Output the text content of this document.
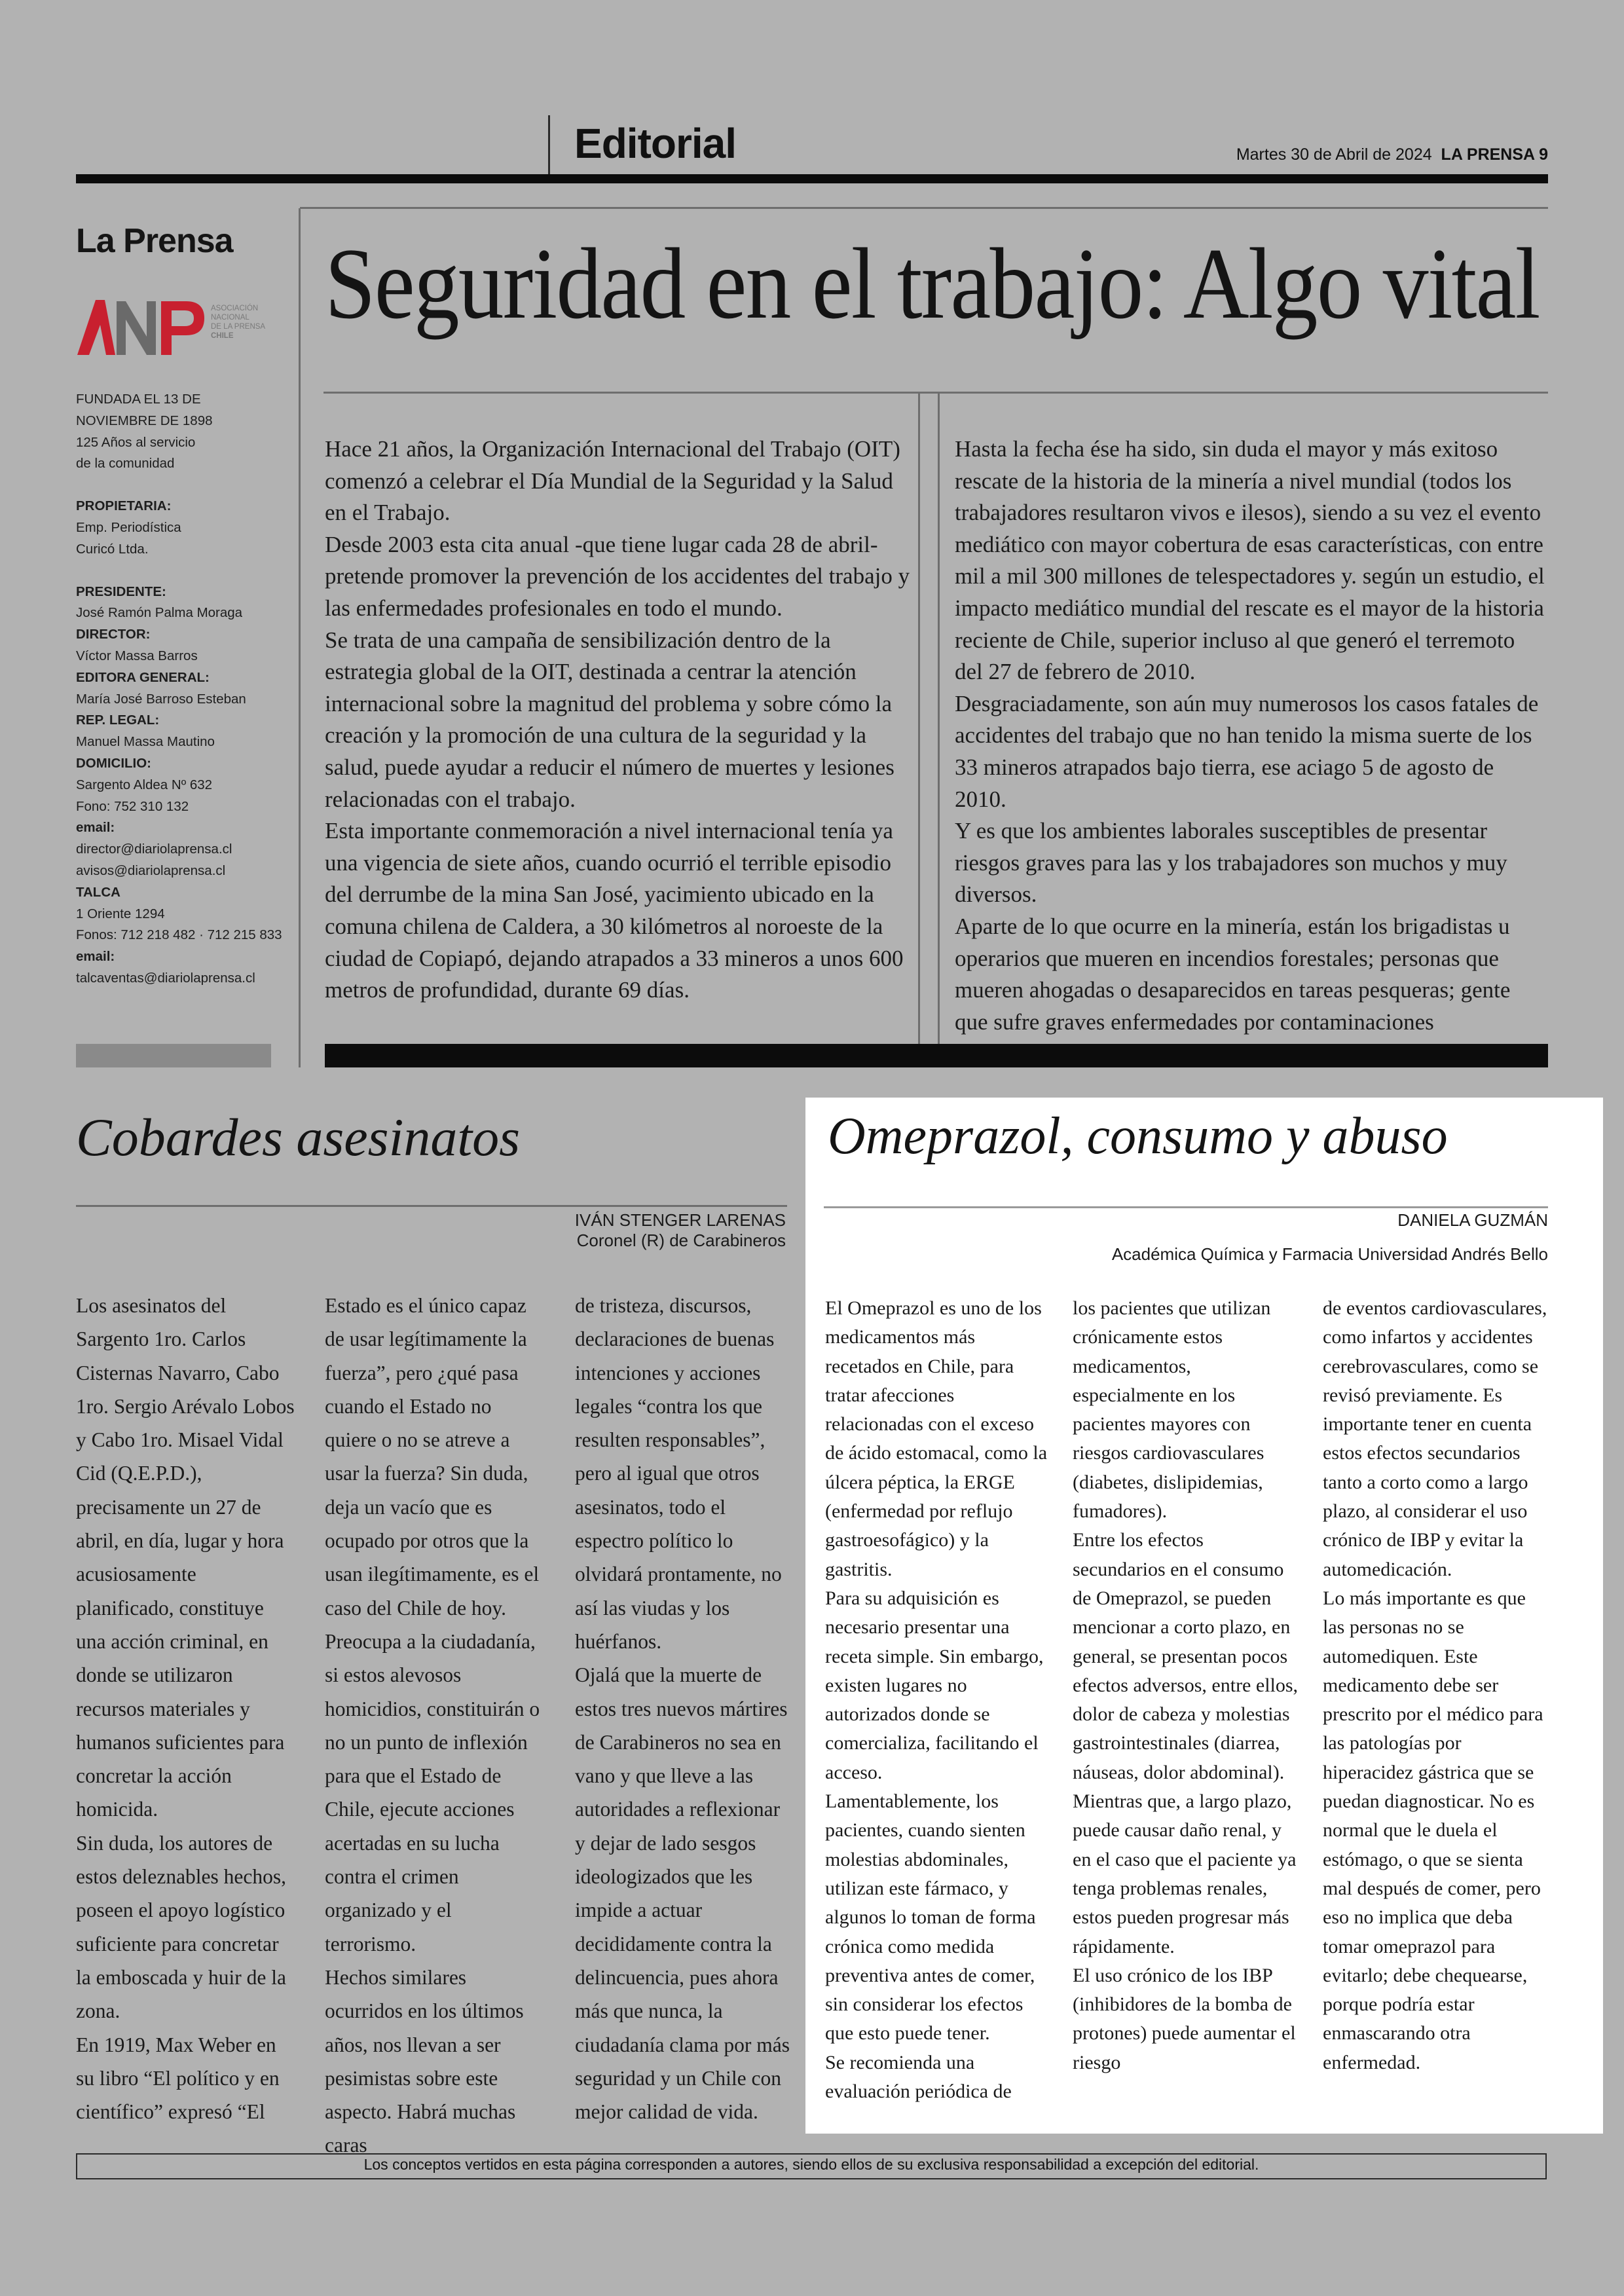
Editorial	Martes 30 de Abril de 2024 LA PRENSA 9
La Prensa
ASOCIACIÓN
NACIONAL
DE LA PRENSA
CHILE
FUNDADA EL 13 DE
NOVIEMBRE DE 1898
125 Años al servicio
de la comunidad
PROPIETARIA:
Emp. Periodística
Curicó Ltda.
PRESIDENTE:
José Ramón Palma Moraga
DIRECTOR:
Víctor Massa Barros
EDITORA GENERAL:
María José Barroso Esteban
REP. LEGAL:
Manuel Massa Mautino
DOMICILIO:
Sargento Aldea Nº 632
Fono: 752 310 132
email:
director@diariolaprensa.cl
avisos@diariolaprensa.cl
TALCA
1 Oriente 1294
Fonos: 712 218 482 · 712 215 833
email:
talcaventas@diariolaprensa.cl
Seguridad en el trabajo: Algo vital

Hace 21 años, la Organización Internacional del Trabajo (OIT) comenzó a celebrar el Día Mundial de la Seguridad y la Salud en el Trabajo.

Desde 2003 esta cita anual -que tiene lugar cada 28 de abril- pretende promover la prevención de los accidentes del trabajo y las enfermedades profesionales en todo el mundo.

Se trata de una campaña de sensibilización dentro de la estrategia global de la OIT, destinada a centrar la atención internacional sobre la magnitud del problema y sobre cómo la creación y la promoción de una cultura de la seguridad y la salud, puede ayudar a reducir el número de muertes y lesiones relacionadas con el trabajo.

Esta importante conmemoración a nivel internacional tenía ya una vigencia de siete años, cuando ocurrió el terrible episodio del derrumbe de la mina San José, yacimiento ubicado en la comuna chilena de Caldera, a 30 kilómetros al noroeste de la ciudad de Copiapó, dejando atrapados a 33 mineros a unos 600 metros de profundidad, durante 69 días.

Hasta la fecha ése ha sido, sin duda el mayor y más exitoso rescate de la historia de la minería a nivel mundial (todos los trabajadores resultaron vivos e ilesos), siendo a su vez el evento mediático con mayor cobertura de esas características, con entre mil a mil 300 millones de telespectadores y. según un estudio, el impacto mediático mundial del rescate es el mayor de la historia reciente de Chile, superior incluso al que generó el terremoto del 27 de febrero de 2010.

Desgraciadamente, son aún muy numerosos los casos fatales de accidentes del trabajo que no han tenido la misma suerte de los 33 mineros atrapados bajo tierra, ese aciago 5 de agosto de 2010.

Y es que los ambientes laborales susceptibles de presentar riesgos graves para las y los trabajadores son muchos y muy diversos.

Aparte de lo que ocurre en la minería, están los brigadistas u operarios que mueren en incendios forestales; personas que mueren ahogadas o desaparecidos en tareas pesqueras; gente que sufre graves enfermedades por contaminaciones

Cobardes asesinatos
IVÁN STENGER LARENAS
Coronel (R) de Carabineros

Los asesinatos del Sargento 1ro. Carlos Cisternas Navarro, Cabo 1ro. Sergio Arévalo Lobos y Cabo 1ro. Misael Vidal Cid (Q.E.P.D.), precisamente un 27 de abril, en día, lugar y hora acusiosamente planificado, constituye una acción criminal, en donde se utilizaron recursos materiales y humanos suficientes para concretar la acción homicida.

Sin duda, los autores de estos deleznables hechos, poseen el apoyo logístico suficiente para concretar la emboscada y huir de la zona.

En 1919, Max Weber en su libro “El político y en científico” expresó “El

Estado es el único capaz de usar legítimamente la fuerza”, pero ¿qué pasa cuando el Estado no quiere o no se atreve a usar la fuerza? Sin duda, deja un vacío que es ocupado por otros que la usan ilegítimamente, es el caso del Chile de hoy.

Preocupa a la ciudadanía, si estos alevosos homicidios, constituirán o no un punto de inflexión para que el Estado de Chile, ejecute acciones acertadas en su lucha contra el crimen organizado y el terrorismo.

Hechos similares ocurridos en los últimos años, nos llevan a ser pesimistas sobre este aspecto. Habrá muchas caras

de tristeza, discursos, declaraciones de buenas intenciones y acciones legales “contra los que resulten responsables”, pero al igual que otros asesinatos, todo el espectro político lo olvidará prontamente, no así las viudas y los huérfanos.

Ojalá que la muerte de estos tres nuevos mártires de Carabineros no sea en vano y que lleve a las autoridades a reflexionar y dejar de lado sesgos ideologizados que les impide a actuar decididamente contra la delincuencia, pues ahora más que nunca, la ciudadanía clama por más seguridad y un Chile con mejor calidad de vida.

Omeprazol, consumo y abuso
DANIELA GUZMÁN
Académica Química y Farmacia Universidad Andrés Bello

El Omeprazol es uno de los medicamentos más recetados en Chile, para tratar afecciones relacionadas con el exceso de ácido estomacal, como la úlcera péptica, la ERGE (enfermedad por reflujo gastroesofágico) y la gastritis.

Para su adquisición es necesario presentar una receta simple. Sin embargo, existen lugares no autorizados donde se comercializa, facilitando el acceso.

Lamentablemente, los pacientes, cuando sienten molestias abdominales, utilizan este fármaco, y algunos lo toman de forma crónica como medida preventiva antes de comer, sin considerar los efectos que esto puede tener.

Se recomienda una evaluación periódica de

los pacientes que utilizan crónicamente estos medicamentos, especialmente en los pacientes mayores con riesgos cardiovasculares (diabetes, dislipidemias, fumadores).

Entre los efectos secundarios en el consumo de Omeprazol, se pueden mencionar a corto plazo, en general, se presentan pocos efectos adversos, entre ellos, dolor de cabeza y molestias gastrointestinales (diarrea, náuseas, dolor abdominal). Mientras que, a largo plazo, puede causar daño renal, y en el caso que el paciente ya tenga problemas renales, estos pueden progresar más rápidamente.

El uso crónico de los IBP (inhibidores de la bomba de protones) puede aumentar el riesgo

de eventos cardiovasculares, como infartos y accidentes cerebrovasculares, como se revisó previamente. Es importante tener en cuenta estos efectos secundarios tanto a corto como a largo plazo, al considerar el uso crónico de IBP y evitar la automedicación.

Lo más importante es que las personas no se automediquen. Este medicamento debe ser prescrito por el médico para las patologías por hiperacidez gástrica que se puedan diagnosticar. No es normal que le duela el estómago, o que se sienta mal después de comer, pero eso no implica que deba tomar omeprazol para evitarlo; debe chequearse, porque podría estar enmascarando otra enfermedad.

Los conceptos vertidos en esta página corresponden a autores, siendo ellos de su exclusiva responsabilidad a excepción del editorial.
